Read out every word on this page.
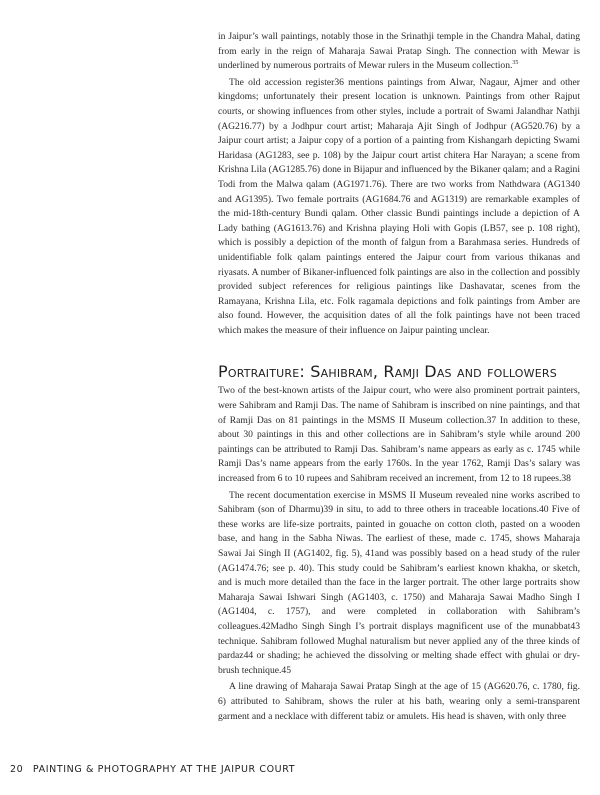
in Jaipur’s wall paintings, notably those in the Srinathji temple in the Chandra Mahal, dating from early in the reign of Maharaja Sawai Pratap Singh. The connection with Mewar is underlined by numerous portraits of Mewar rulers in the Museum collection.$^{35}$

The old accession register36 mentions paintings from Alwar, Nagaur, Ajmer and other kingdoms; unfortunately their present location is unknown. Paintings from other Rajput courts, or showing influences from other styles, include a portrait of Swami Jalandhar Nathji (AG216.77) by a Jodhpur court artist; Maharaja Ajit Singh of Jodhpur (AG520.76) by a Jaipur court artist; a Jaipur copy of a portion of a painting from Kishangarh depicting Swami Haridasa (AG1283, see p. 108) by the Jaipur court artist chitera Har Narayan; a scene from Krishna Lila (AG1285.76) done in Bijapur and influenced by the Bikaner qalam; and a Ragini Todi from the Malwa qalam (AG1971.76). There are two works from Nathdwara (AG1340 and AG1395). Two female portraits (AG1684.76 and AG1319) are remarkable examples of the mid-18th-century Bundi qalam. Other classic Bundi paintings include a depiction of A Lady bathing (AG1613.76) and Krishna playing Holi with Gopis (LB57, see p. 108 right), which is possibly a depiction of the month of falgun from a Barahmasa series. Hundreds of unidentifiable folk qalam paintings entered the Jaipur court from various thikanas and riyasats. A number of Bikaner-influenced folk paintings are also in the collection and possibly provided subject references for religious paintings like Dashavatar, scenes from the Ramayana, Krishna Lila, etc. Folk ragamala depictions and folk paintings from Amber are also found. However, the acquisition dates of all the folk paintings have not been traced which makes the measure of their influence on Jaipur painting unclear.

Portraiture: Sahibram, Ramji Das and followers

Two of the best-known artists of the Jaipur court, who were also prominent portrait painters, were Sahibram and Ramji Das. The name of Sahibram is inscribed on nine paintings, and that of Ramji Das on 81 paintings in the MSMS II Museum collection.37 In addition to these, about 30 paintings in this and other collections are in Sahibram’s style while around 200 paintings can be attributed to Ramji Das. Sahibram’s name appears as early as c. 1745 while Ramji Das’s name appears from the early 1760s. In the year 1762, Ramji Das’s salary was increased from 6 to 10 rupees and Sahibram received an increment, from 12 to 18 rupees.38

The recent documentation exercise in MSMS II Museum revealed nine works ascribed to Sahibram (son of Dharmu)39 in situ, to add to three others in traceable locations.40 Five of these works are life-size portraits, painted in gouache on cotton cloth, pasted on a wooden base, and hang in the Sabha Niwas. The earliest of these, made c. 1745, shows Maharaja Sawai Jai Singh II (AG1402, fig. 5), 41and was possibly based on a head study of the ruler (AG1474.76; see p. 40). This study could be Sahibram’s earliest known khakha, or sketch, and is much more detailed than the face in the larger portrait. The other large portraits show Maharaja Sawai Ishwari Singh (AG1403, c. 1750) and Maharaja Sawai Madho Singh I (AG1404, c. 1757), and were completed in collaboration with Sahibram’s colleagues.42Madho Singh Singh I’s portrait displays magnificent use of the munabbat43 technique. Sahibram followed Mughal naturalism but never applied any of the three kinds of pardaz44 or shading; he achieved the dissolving or melting shade effect with ghulai or dry-brush technique.45

A line drawing of Maharaja Sawai Pratap Singh at the age of 15 (AG620.76, c. 1780, fig. 6) attributed to Sahibram, shows the ruler at his bath, wearing only a semi-transparent garment and a necklace with different tabiz or amulets. His head is shaven, with only three

20 PAINTING & PHOTOGRAPHY AT THE JAIPUR COURT
